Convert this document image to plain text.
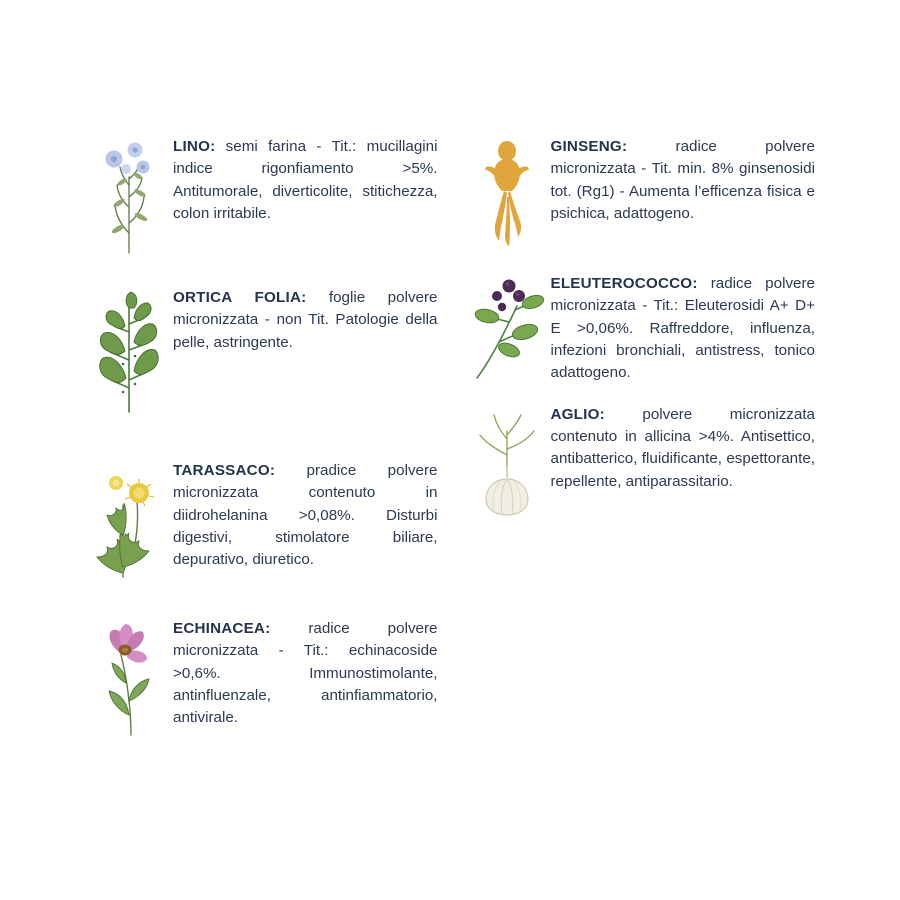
LINO: semi farina - Tit.: mucillagini indice rigonfiamento >5%. Antitumorale, diverticolite, stitichezza, colon irritabile.
ORTICA FOLIA: foglie polvere micronizzata - non Tit. Patologie della pelle, astringente.
TARASSACO: pradice polvere micronizzata contenuto in diidrohelanina >0,08%. Disturbi digestivi, stimolatore biliare, depurativo, diuretico.
ECHINACEA: radice polvere micronizzata - Tit.: echinacoside >0,6%. Immunostimolante, antinfluenzale, antinfiammatorio, antivirale.
GINSENG: radice polvere micronizzata - Tit. min. 8% ginsenosidi tot. (Rg1) - Aumenta l’efficenza fisica e psichica, adattogeno.
ELEUTEROCOCCO: radice polvere micronizzata - Tit.: Eleuterosidi A+ D+ E >0,06%. Raffreddore, influenza, infezioni bronchiali, antistress, tonico adattogeno.
AGLIO: polvere micronizzata contenuto in allicina >4%. Antisettico, antibatterico, fluidificante, espettorante, repellente, antiparassitario.
